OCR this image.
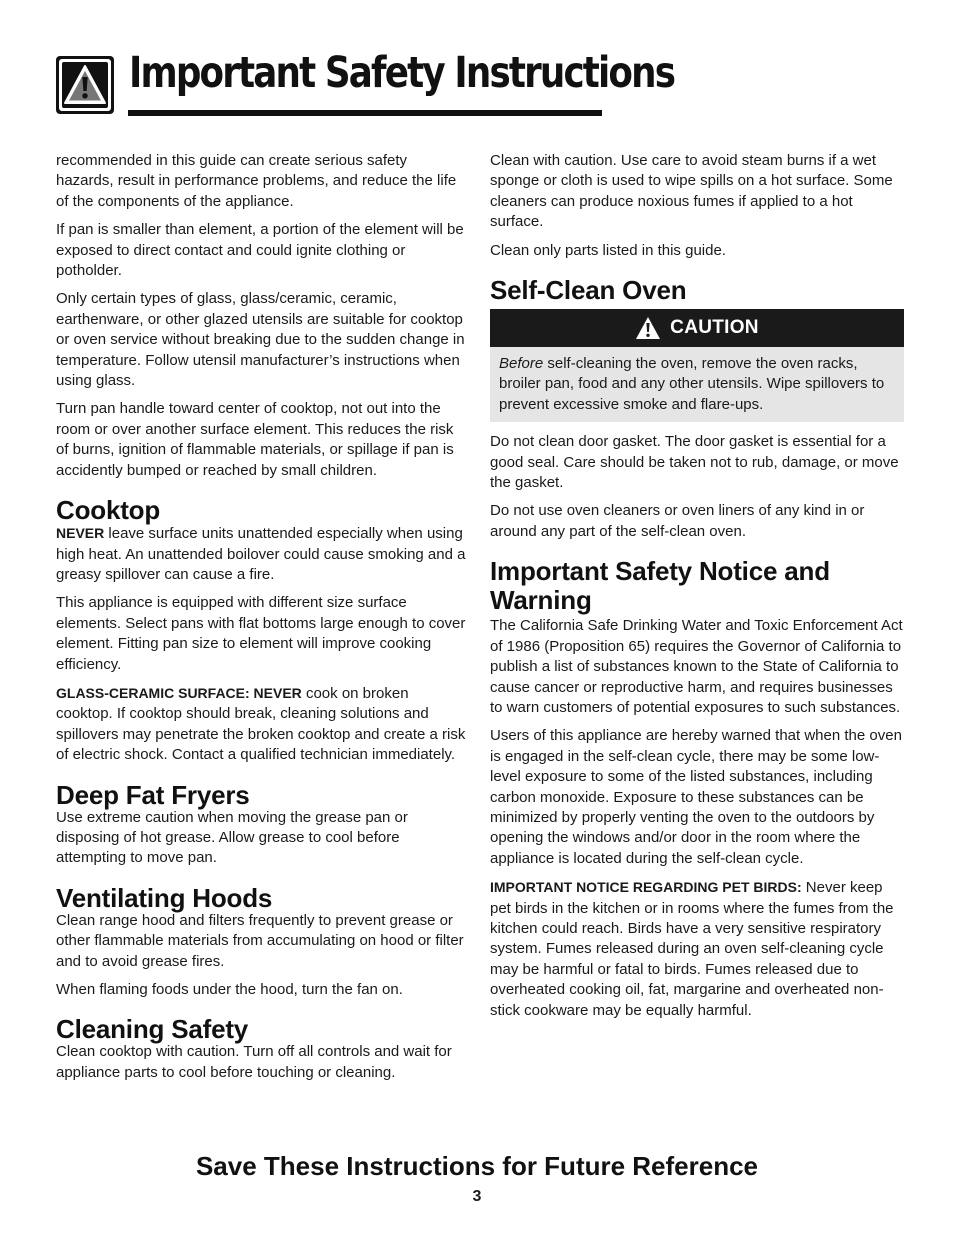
Important Safety Instructions

recommended in this guide can create serious safety hazards, result in performance problems, and reduce the life of the components of the appliance.

If pan is smaller than element, a portion of the element will be exposed to direct contact and could ignite clothing or potholder.

Only certain types of glass, glass/ceramic, ceramic, earthenware, or other glazed utensils are suitable for cooktop or oven service without breaking due to the sudden change in temperature. Follow utensil manufacturer’s instructions when using glass.

Turn pan handle toward center of cooktop, not out into the room or over another surface element. This reduces the risk of burns, ignition of flammable materials, or spillage if pan is accidently bumped or reached by small children.

Cooktop

NEVER leave surface units unattended especially when using high heat. An unattended boilover could cause smoking and a greasy spillover can cause a fire.

This appliance is equipped with different size surface elements. Select pans with flat bottoms large enough to cover element. Fitting pan size to element will improve cooking efficiency.

GLASS-CERAMIC SURFACE: NEVER cook on broken cooktop. If cooktop should break, cleaning solutions and spillovers may penetrate the broken cooktop and create a risk of electric shock. Contact a qualified technician immediately.

Deep Fat Fryers

Use extreme caution when moving the grease pan or disposing of hot grease. Allow grease to cool before attempting to move pan.

Ventilating Hoods

Clean range hood and filters frequently to prevent grease or other flammable materials from accumulating on hood or filter and to avoid grease fires.

When flaming foods under the hood, turn the fan on.

Cleaning Safety

Clean cooktop with caution. Turn off all controls and wait for appliance parts to cool before touching or cleaning.

Clean with caution. Use care to avoid steam burns if a wet sponge or cloth is used to wipe spills on a hot surface. Some cleaners can produce noxious fumes if applied to a hot surface.

Clean only parts listed in this guide.

Self-Clean Oven
CAUTION

Before self-cleaning the oven, remove the oven racks, broiler pan, food and any other utensils. Wipe spillovers to prevent excessive smoke and flare-ups.

Do not clean door gasket. The door gasket is essential for a good seal. Care should be taken not to rub, damage, or move the gasket.

Do not use oven cleaners or oven liners of any kind in or around any part of the self-clean oven.

Important Safety Notice and Warning

The California Safe Drinking Water and Toxic Enforcement Act of 1986 (Proposition 65) requires the Governor of California to publish a list of substances known to the State of California to cause cancer or reproductive harm, and requires businesses to warn customers of potential exposures to such substances.

Users of this appliance are hereby warned that when the oven is engaged in the self-clean cycle, there may be some low-level exposure to some of the listed substances, including carbon monoxide. Exposure to these substances can be minimized by properly venting the oven to the outdoors by opening the windows and/or door in the room where the appliance is located during the self-clean cycle.

IMPORTANT NOTICE REGARDING PET BIRDS: Never keep pet birds in the kitchen or in rooms where the fumes from the kitchen could reach. Birds have a very sensitive respiratory system. Fumes released during an oven self-cleaning cycle may be harmful or fatal to birds. Fumes released due to overheated cooking oil, fat, margarine and overheated non-stick cookware may be equally harmful.

Save These Instructions for Future Reference
3
